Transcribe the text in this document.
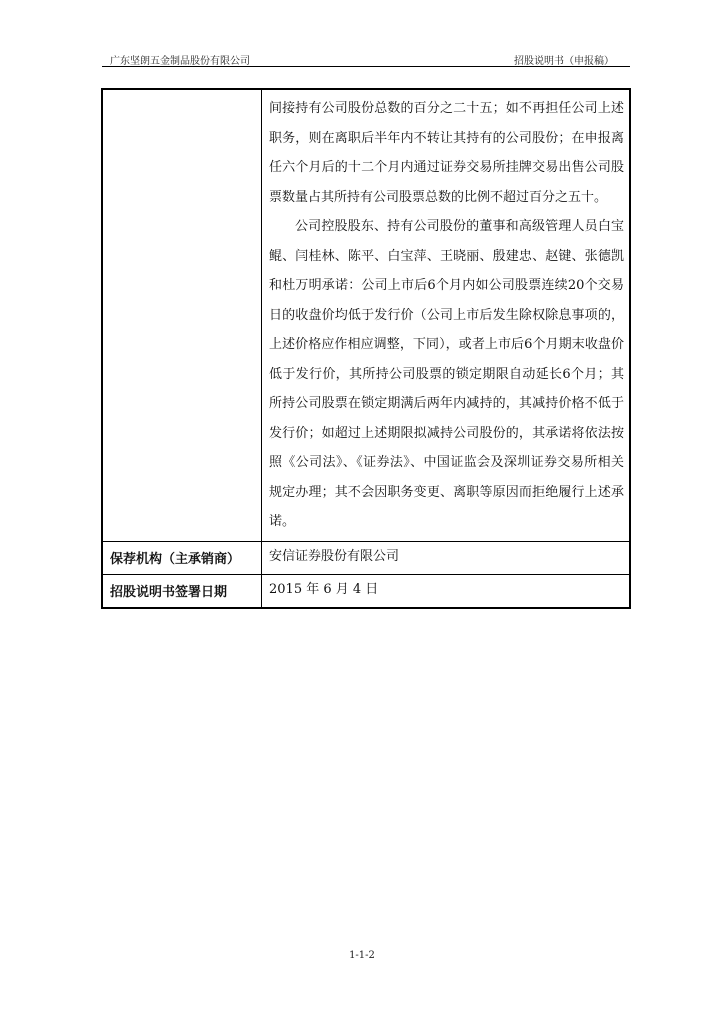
广东坚朗五金制品股份有限公司	招股说明书（申报稿）

	间接持有公司股份总数的百分之二十五；如不再担任公司上述职务，则在离职后半年内不转让其持有的公司股份；在申报离任六个月后的十二个月内通过证券交易所挂牌交易出售公司股票数量占其所持有公司股票总数的比例不超过百分之五十。

公司控股股东、持有公司股份的董事和高级管理人员白宝鲲、闫桂林、陈平、白宝萍、王晓丽、殷建忠、赵键、张德凯和杜万明承诺：公司上市后6个月内如公司股票连续20个交易日的收盘价均低于发行价（公司上市后发生除权除息事项的，上述价格应作相应调整，下同），或者上市后6个月期末收盘价低于发行价，其所持公司股票的锁定期限自动延长6个月；其所持公司股票在锁定期满后两年内减持的，其减持价格不低于发行价；如超过上述期限拟减持公司股份的，其承诺将依法按照《公司法》、《证券法》、中国证监会及深圳证券交易所相关规定办理；其不会因职务变更、离职等原因而拒绝履行上述承诺。

保荐机构（主承销商）	安信证券股份有限公司
招股说明书签署日期	2015 年 6 月 4 日
1-1-2
